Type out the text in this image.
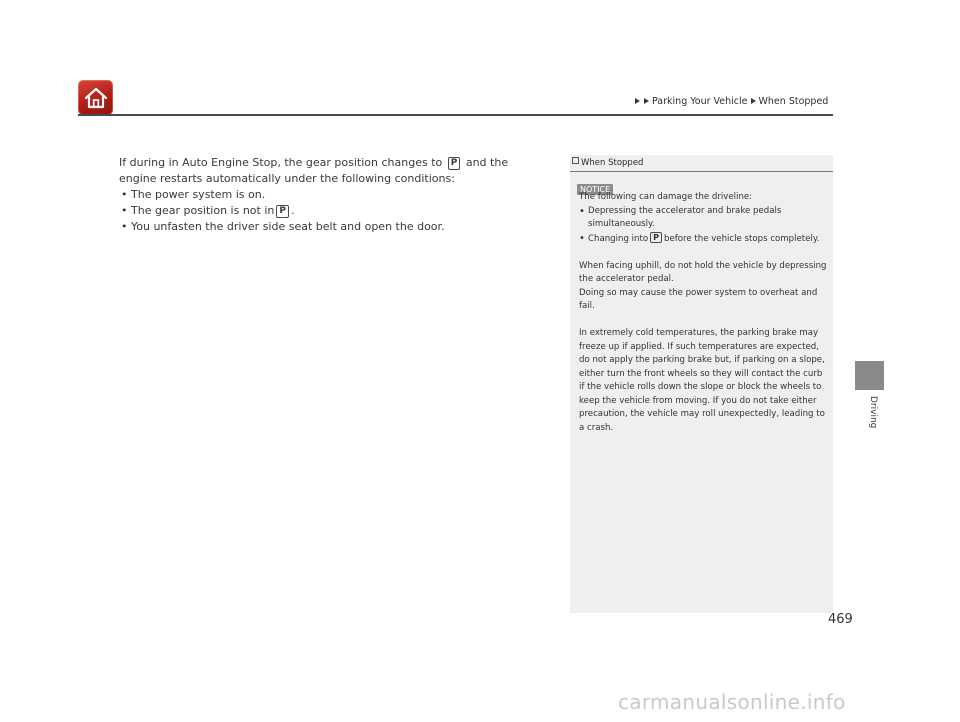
Parking Your Vehicle When Stopped

If during in Auto Engine Stop, the gear position changes to P and the engine restarts automatically under the following conditions:

• The power system is on.
• The gear position is not in P .
• You unfasten the driver side seat belt and open the door.
When Stopped
NOTICE

The following can damage the driveline:

• Depressing the accelerator and brake pedals simultaneously.
• Changing into P before the vehicle stops completely.

When facing uphill, do not hold the vehicle by depressing the accelerator pedal.

Doing so may cause the power system to overheat and fail.

In extremely cold temperatures, the parking brake may freeze up if applied. If such temperatures are expected, do not apply the parking brake but, if parking on a slope, either turn the front wheels so they will contact the curb if the vehicle rolls down the slope or block the wheels to keep the vehicle from moving. If you do not take either precaution, the vehicle may roll unexpectedly, leading to a crash.	Driving
469
carmanualsonline.info
